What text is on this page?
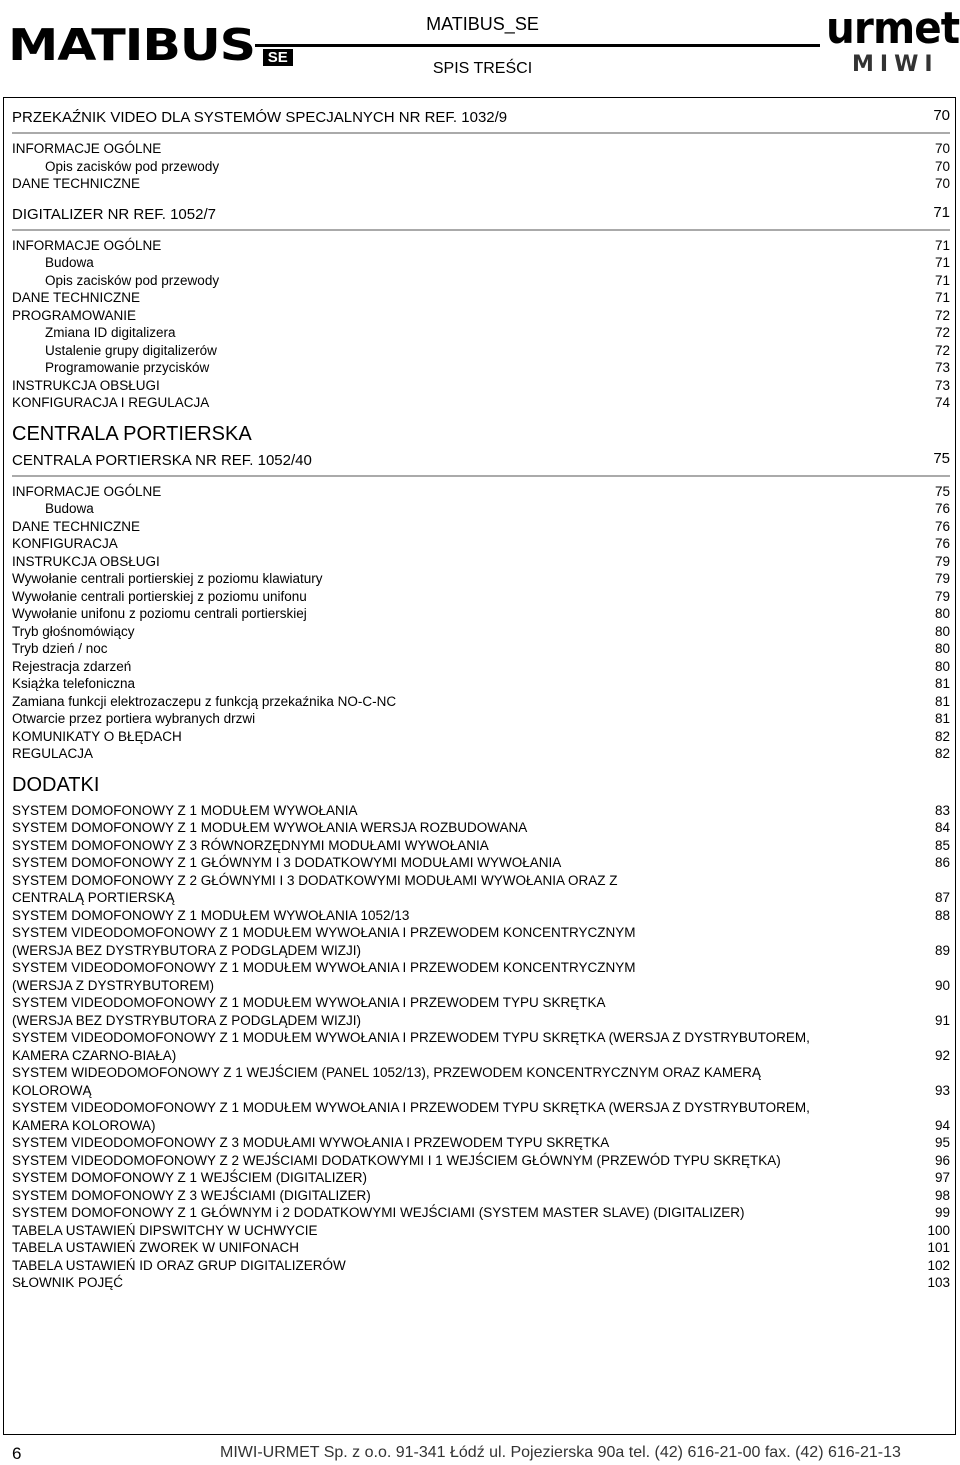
MATIBUS SE
MATIBUS_SE
SPIS TREŚCI
urmet
MIWI
PRZEKAŹNIK VIDEO DLA SYSTEMÓW SPECJALNYCH NR REF. 1032/9	70
INFORMACJE OGÓLNE	70
Opis zacisków pod przewody	70
DANE TECHNICZNE	70
DIGITALIZER NR REF. 1052/7	71
INFORMACJE OGÓLNE	71
Budowa	71
Opis zacisków pod przewody	71
DANE TECHNICZNE	71
PROGRAMOWANIE	72
Zmiana ID digitalizera	72
Ustalenie grupy digitalizerów	72
Programowanie przycisków	73
INSTRUKCJA OBSŁUGI	73
KONFIGURACJA I REGULACJA	74
CENTRALA PORTIERSKA
CENTRALA PORTIERSKA NR REF. 1052/40	75
INFORMACJE OGÓLNE	75
Budowa	76
DANE TECHNICZNE	76
KONFIGURACJA	76
INSTRUKCJA OBSŁUGI	79
Wywołanie centrali portierskiej z poziomu klawiatury	79
Wywołanie centrali portierskiej z poziomu unifonu	79
Wywołanie unifonu z poziomu centrali portierskiej	80
Tryb głośnomówiący	80
Tryb dzień / noc	80
Rejestracja zdarzeń	80
Książka telefoniczna	81
Zamiana funkcji elektrozaczepu z funkcją przekaźnika NO-C-NC	81
Otwarcie przez portiera wybranych drzwi	81
KOMUNIKATY O BŁĘDACH	82
REGULACJA	82
DODATKI
SYSTEM DOMOFONOWY Z 1 MODUŁEM WYWOŁANIA	83
SYSTEM DOMOFONOWY Z 1 MODUŁEM WYWOŁANIA WERSJA ROZBUDOWANA	84
SYSTEM DOMOFONOWY Z 3 RÓWNORZĘDNYMI MODUŁAMI WYWOŁANIA	85
SYSTEM DOMOFONOWY Z 1 GŁÓWNYM I 3 DODATKOWYMI MODUŁAMI WYWOŁANIA	86
SYSTEM DOMOFONOWY Z 2 GŁÓWNYMI I 3 DODATKOWYMI MODUŁAMI WYWOŁANIA ORAZ Z
CENTRALĄ PORTIERSKĄ	87
SYSTEM DOMOFONOWY Z 1 MODUŁEM WYWOŁANIA 1052/13	88
SYSTEM VIDEODOMOFONOWY Z 1 MODUŁEM WYWOŁANIA I PRZEWODEM KONCENTRYCZNYM
(WERSJA BEZ DYSTRYBUTORA Z PODGLĄDEM WIZJI)	89
SYSTEM VIDEODOMOFONOWY Z 1 MODUŁEM WYWOŁANIA I PRZEWODEM KONCENTRYCZNYM
(WERSJA Z DYSTRYBUTOREM)	90
SYSTEM VIDEODOMOFONOWY Z 1 MODUŁEM WYWOŁANIA I PRZEWODEM TYPU SKRĘTKA
(WERSJA BEZ DYSTRYBUTORA Z PODGLĄDEM WIZJI)	91
SYSTEM VIDEODOMOFONOWY Z 1 MODUŁEM WYWOŁANIA I PRZEWODEM TYPU SKRĘTKA (WERSJA Z DYSTRYBUTOREM,
KAMERA CZARNO-BIAŁA)	92
SYSTEM WIDEODOMOFONOWY Z 1 WEJŚCIEM (PANEL 1052/13), PRZEWODEM KONCENTRYCZNYM ORAZ KAMERĄ
KOLOROWĄ	93
SYSTEM VIDEODOMOFONOWY Z 1 MODUŁEM WYWOŁANIA I PRZEWODEM TYPU SKRĘTKA (WERSJA Z DYSTRYBUTOREM,
KAMERA KOLOROWA)	94
SYSTEM VIDEODOMOFONOWY Z 3 MODUŁAMI WYWOŁANIA I PRZEWODEM TYPU SKRĘTKA	95
SYSTEM VIDEODOMOFONOWY Z 2 WEJŚCIAMI DODATKOWYMI I 1 WEJŚCIEM GŁÓWNYM (PRZEWÓD TYPU SKRĘTKA)	96
SYSTEM DOMOFONOWY Z 1 WEJŚCIEM (DIGITALIZER)	97
SYSTEM DOMOFONOWY Z 3 WEJŚCIAMI (DIGITALIZER)	98
SYSTEM DOMOFONOWY Z 1 GŁÓWNYM i 2 DODATKOWYMI WEJŚCIAMI (SYSTEM MASTER SLAVE) (DIGITALIZER)	99
TABELA USTAWIEŃ DIPSWITCHY W UCHWYCIE	100
TABELA USTAWIEŃ ZWOREK W UNIFONACH	101
TABELA USTAWIEŃ ID ORAZ GRUP DIGITALIZERÓW	102
SŁOWNIK POJĘĆ	103
6	MIWI-URMET Sp. z o.o. 91-341 Łódź ul. Pojezierska 90a tel. (42) 616-21-00 fax. (42) 616-21-13
